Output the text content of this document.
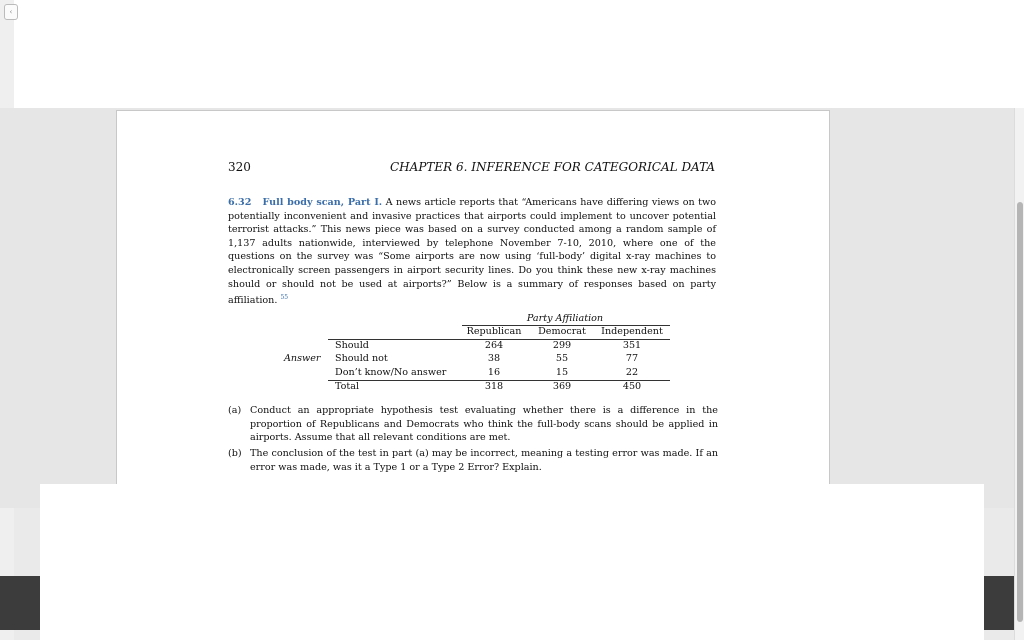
‹
320	CHAPTER 6. INFERENCE FOR CATEGORICAL DATA
6.32 Full body scan, Part I. A news article reports that “Americans have differing views on two potentially inconvenient and invasive practices that airports could implement to uncover potential terrorist attacks.” This news piece was based on a survey conducted among a random sample of 1,137 adults nationwide, interviewed by telephone November 7-10, 2010, where one of the questions on the survey was “Some airports are now using ‘full-body’ digital x-ray machines to electronically screen passengers in airport security lines. Do you think these new x-ray machines should or should not be used at airports?” Below is a summary of responses based on party affiliation. $^{55}$
Party Affiliation
Republican	Democrat	Independent
Answer
Should	264	299	351
Should not	38	55	77
Don’t know/No answer	16	15	22
Total	318	369	450
(a) Conduct an appropriate hypothesis test evaluating whether there is a difference in the proportion of Republicans and Democrats who think the full-body scans should be applied in airports. Assume that all relevant conditions are met.
(b) The conclusion of the test in part (a) may be incorrect, meaning a testing error was made. If an error was made, was it a Type 1 or a Type 2 Error? Explain.
